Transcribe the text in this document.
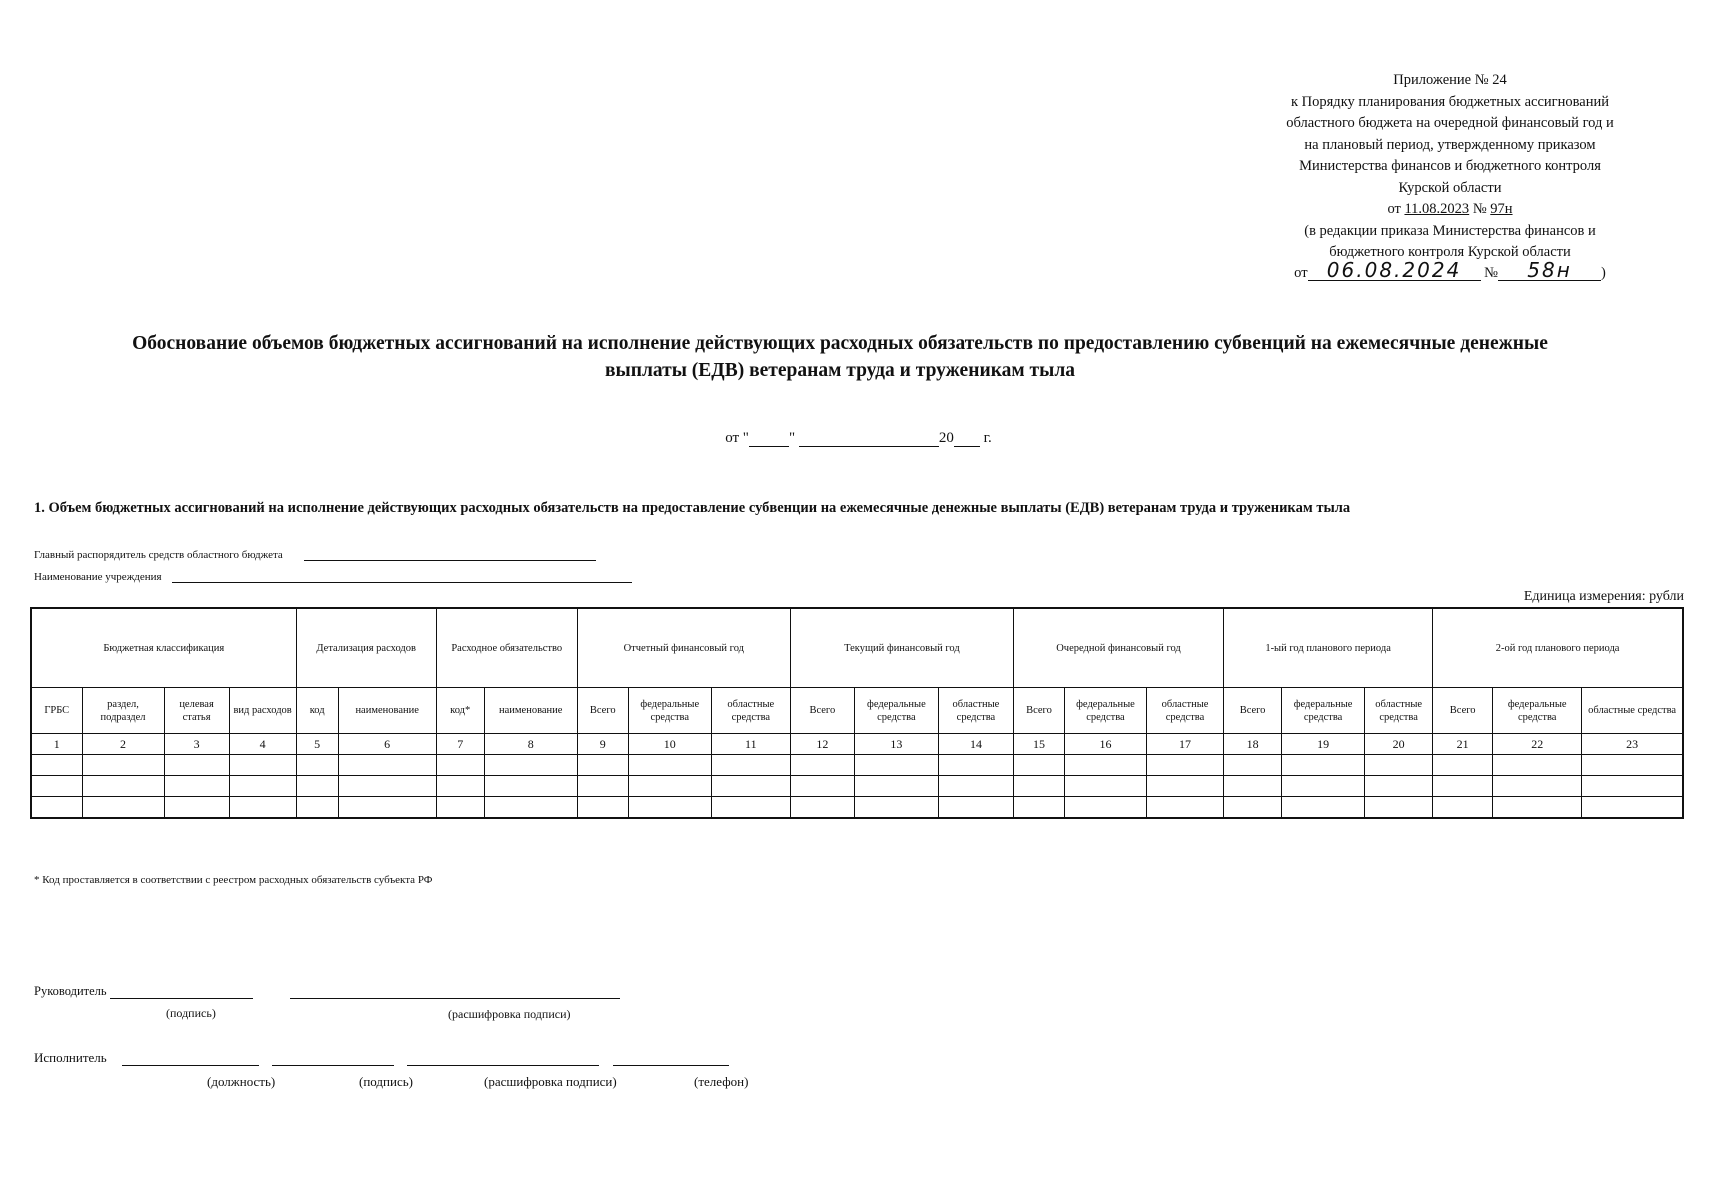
Приложение № 24
к Порядку планирования бюджетных ассигнований
областного бюджета на очередной финансовый год и
на плановый период, утвержденному приказом
Министерства финансов и бюджетного контроля
Курской области
от 11.08.2023 № 97н
(в редакции приказа Министерства финансов и
бюджетного контроля Курской области
от 06.08.2024 № 58н )
Обоснование объемов бюджетных ассигнований на исполнение действующих расходных обязательств по предоставлению субвенций на ежемесячные денежные
выплаты (ЕДВ) ветеранам труда и труженикам тыла
от "	"	20 г.
1. Объем бюджетных ассигнований на исполнение действующих расходных обязательств на предоставление субвенции на ежемесячные денежные выплаты (ЕДВ) ветеранам труда и труженикам тыла
Главный распорядитель средств областного бюджета
Наименование учреждения
Единица измерения: рубли
Бюджетная классификация				Детализация расходов		Расходное обязательство		Отчетный финансовый год			Текущий финансовый год			Очередной финансовый год			1-ый год планового периода			2-ой год планового периода		
ГРБС	раздел, подраздел	целевая статья	вид расходов	код	наименование	код*	наименование	Всего	федеральные средства	областные средства	Всего	федеральные средства	областные средства	Всего	федеральные средства	областные средства	Всего	федеральные средства	областные средства	Всего	федеральные средства	областные средства
1	2	3	4	5	6	7	8	9	10	11	12	13	14	15	16	17	18	19	20	21	22	23

* Код проставляется в соответствии с реестром расходных обязательств субъекта РФ
Руководитель
(подпись)	(расшифровка подписи)
Исполнитель
(должность)	(подпись)	(расшифровка подписи)	(телефон)
